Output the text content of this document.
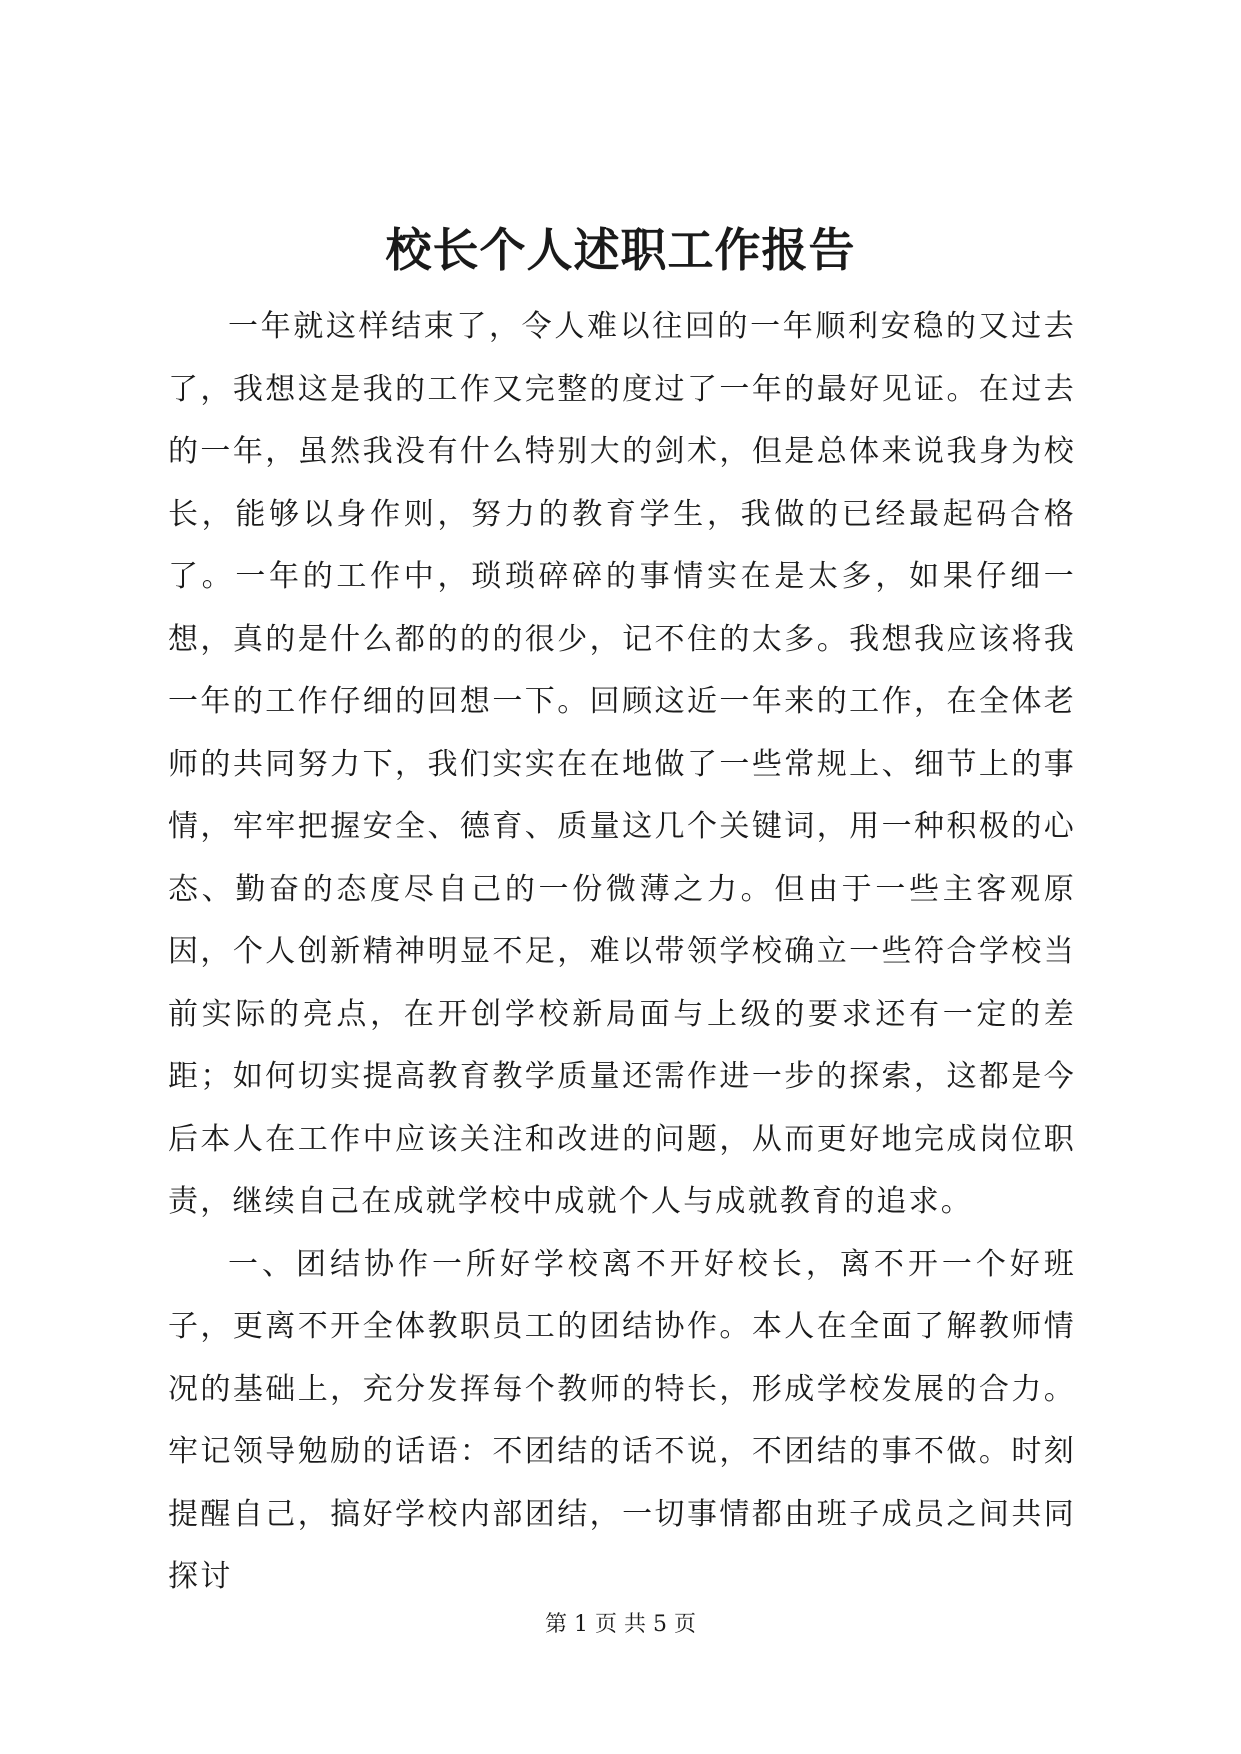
校长个人述职工作报告

一年就这样结束了，令人难以往回的一年顺利安稳的又过去了，我想这是我的工作又完整的度过了一年的最好见证。在过去的一年，虽然我没有什么特别大的剑术，但是总体来说我身为校长，能够以身作则，努力的教育学生，我做的已经最起码合格了。一年的工作中，琐琐碎碎的事情实在是太多，如果仔细一想，真的是什么都的的的很少，记不住的太多。我想我应该将我一年的工作仔细的回想一下。回顾这近一年来的工作，在全体老师的共同努力下，我们实实在在地做了一些常规上、细节上的事情，牢牢把握安全、德育、质量这几个关键词，用一种积极的心态、勤奋的态度尽自己的一份微薄之力。但由于一些主客观原因，个人创新精神明显不足，难以带领学校确立一些符合学校当前实际的亮点，在开创学校新局面与上级的要求还有一定的差距；如何切实提高教育教学质量还需作进一步的探索，这都是今后本人在工作中应该关注和改进的问题，从而更好地完成岗位职责，继续自己在成就学校中成就个人与成就教育的追求。

一、团结协作一所好学校离不开好校长，离不开一个好班子，更离不开全体教职员工的团结协作。本人在全面了解教师情况的基础上，充分发挥每个教师的特长，形成学校发展的合力。牢记领导勉励的话语：不团结的话不说，不团结的事不做。时刻提醒自己，搞好学校内部团结，一切事情都由班子成员之间共同探讨

第 1 页 共 5 页
